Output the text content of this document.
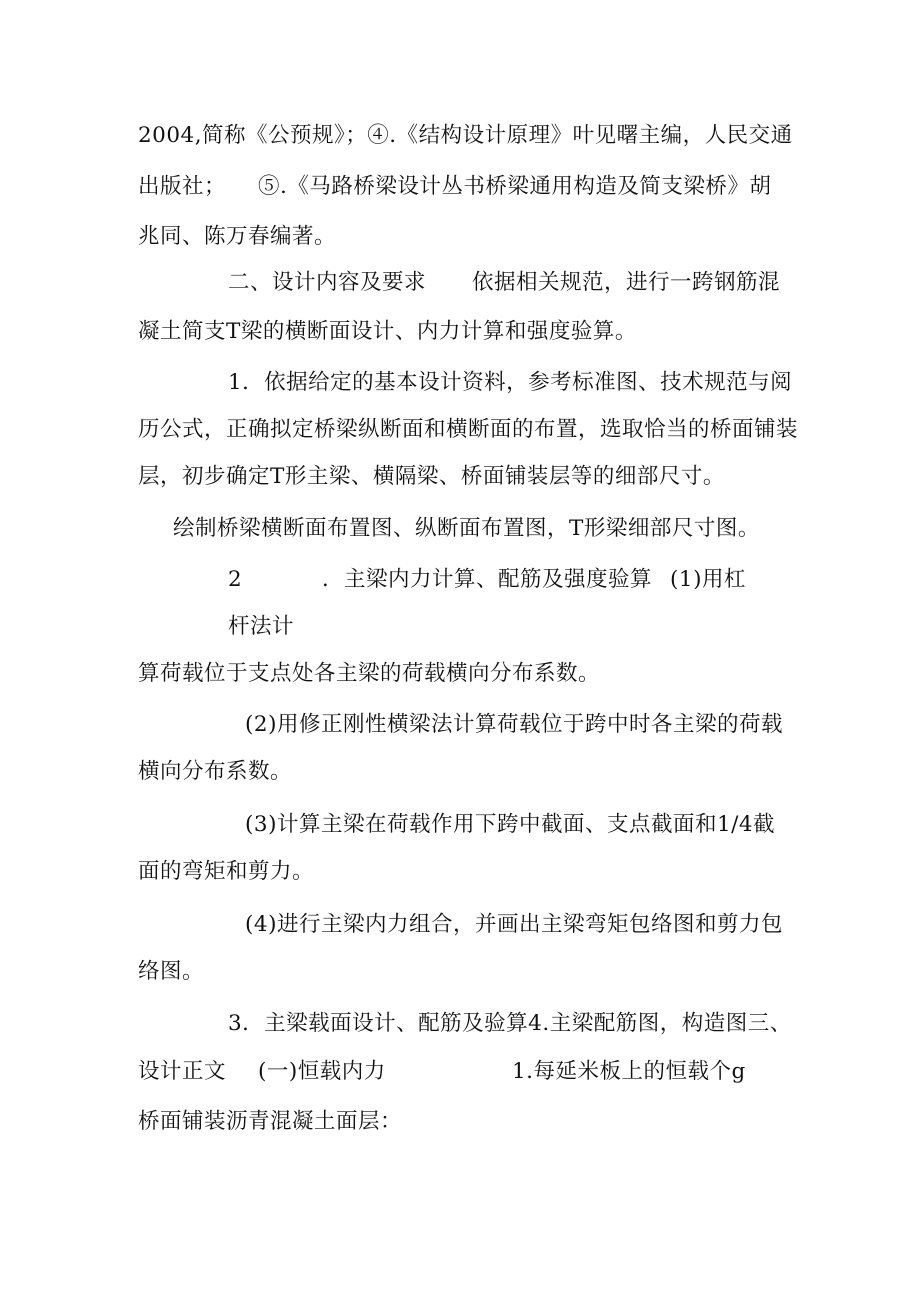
2004,简称《公预规》；④.《结构设计原理》叶见曙主编，人民交通
出版社； ⑤.《马路桥梁设计丛书桥梁通用构造及简支梁桥》胡
兆同、陈万春编著。
二、设计内容及要求 依据相关规范，进行一跨钢筋混
凝土简支T梁的横断面设计、内力计算和强度验算。
1．依据给定的基本设计资料，参考标准图、技术规范与阅
历公式，正确拟定桥梁纵断面和横断面的布置，选取恰当的桥面铺装
层，初步确定T形主梁、横隔梁、桥面铺装层等的细部尺寸。
绘制桥梁横断面布置图、纵断面布置图，T形梁细部尺寸图。
2	．主梁内力计算、配筋及强度验算 (1)用杠
杆法计
算荷载位于支点处各主梁的荷载横向分布系数。
(2)用修正刚性横梁法计算荷载位于跨中时各主梁的荷载
横向分布系数。
(3)计算主梁在荷载作用下跨中截面、支点截面和1/4截
面的弯矩和剪力。
(4)进行主梁内力组合，并画出主梁弯矩包络图和剪力包
络图。
3．主梁载面设计、配筋及验算4.主梁配筋图，构造图三、
设计正文 (一)恒载内力	1.每延米板上的恒载个g
桥面铺装沥青混凝土面层：
